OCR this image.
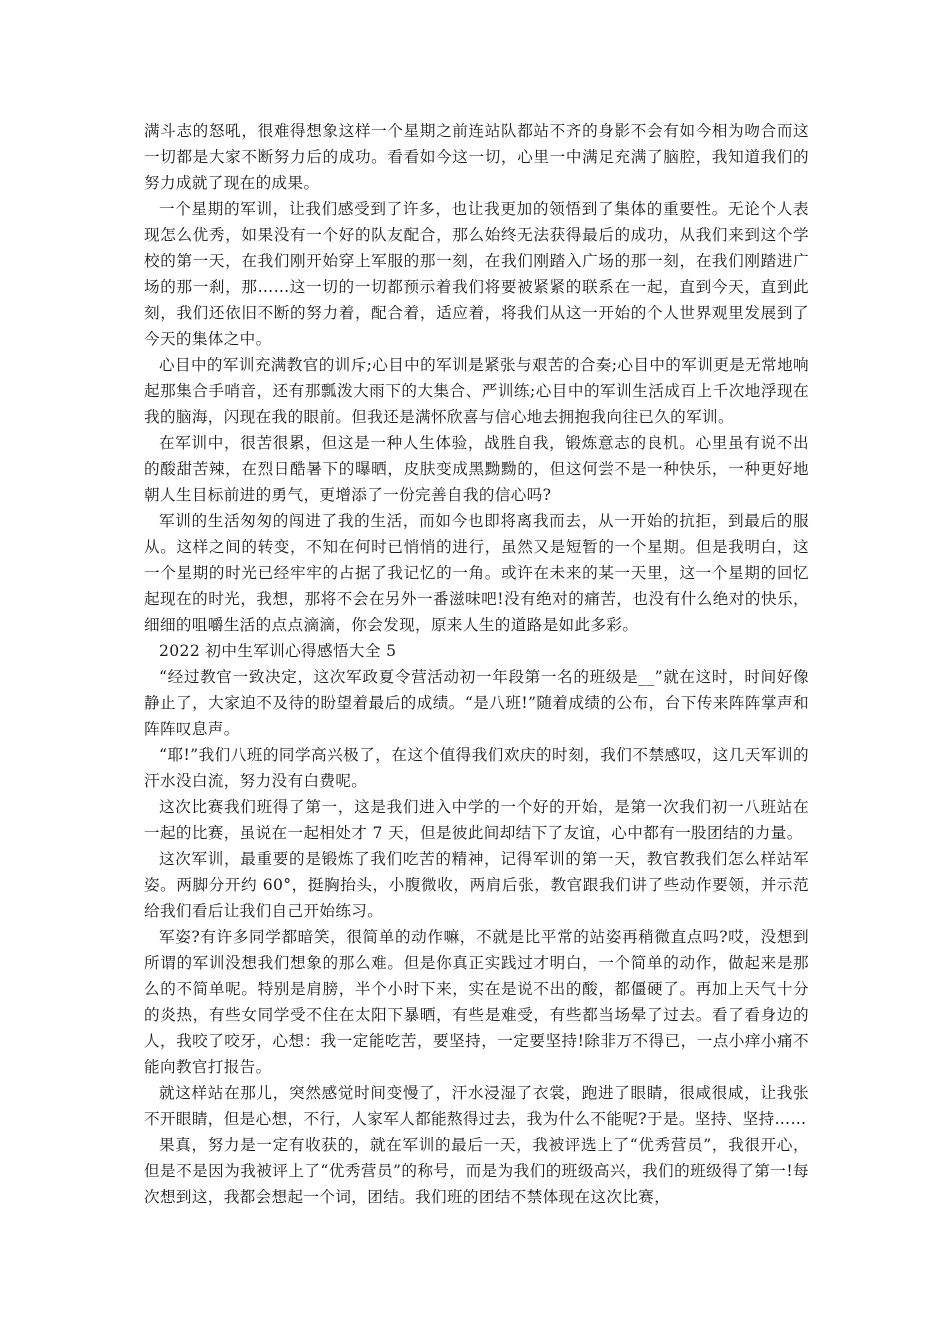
满斗志的怒吼，很难得想象这样一个星期之前连站队都站不齐的身影不会有如今相为吻合而这一切都是大家不断努力后的成功。看看如今这一切，心里一中满足充满了脑腔，我知道我们的努力成就了现在的成果。

一个星期的军训，让我们感受到了许多，也让我更加的领悟到了集体的重要性。无论个人表现怎么优秀，如果没有一个好的队友配合，那么始终无法获得最后的成功，从我们来到这个学校的第一天，在我们刚开始穿上军服的那一刻，在我们刚踏入广场的那一刻，在我们刚踏进广场的那一刹，那……这一切的一切都预示着我们将要被紧紧的联系在一起，直到今天，直到此刻，我们还依旧不断的努力着，配合着，适应着，将我们从这一开始的个人世界观里发展到了今天的集体之中。

心目中的军训充满教官的训斥;心目中的军训是紧张与艰苦的合奏;心目中的军训更是无常地响起那集合手哨音，还有那瓢泼大雨下的大集合、严训练;心目中的军训生活成百上千次地浮现在我的脑海，闪现在我的眼前。但我还是满怀欣喜与信心地去拥抱我向往已久的军训。

在军训中，很苦很累，但这是一种人生体验，战胜自我，锻炼意志的良机。心里虽有说不出的酸甜苦辣，在烈日酷暑下的曝晒，皮肤变成黑黝黝的，但这何尝不是一种快乐，一种更好地朝人生目标前进的勇气，更增添了一份完善自我的信心吗?

军训的生活匆匆的闯进了我的生活，而如今也即将离我而去，从一开始的抗拒，到最后的服从。这样之间的转变，不知在何时已悄悄的进行，虽然又是短暂的一个星期。但是我明白，这一个星期的时光已经牢牢的占据了我记忆的一角。或许在未来的某一天里，这一个星期的回忆起现在的时光，我想，那将不会在另外一番滋味吧!没有绝对的痛苦，也没有什么绝对的快乐，细细的咀嚼生活的点点滴滴，你会发现，原来人生的道路是如此多彩。

2022 初中生军训心得感悟大全 5

“经过教官一致决定，这次军政夏令营活动初一年段第一名的班级是__”就在这时，时间好像静止了，大家迫不及待的盼望着最后的成绩。“是八班!”随着成绩的公布，台下传来阵阵掌声和阵阵叹息声。

“耶!”我们八班的同学高兴极了，在这个值得我们欢庆的时刻，我们不禁感叹，这几天军训的汗水没白流，努力没有白费呢。

这次比赛我们班得了第一，这是我们进入中学的一个好的开始，是第一次我们初一八班站在一起的比赛，虽说在一起相处才 7 天，但是彼此间却结下了友谊，心中都有一股团结的力量。

这次军训，最重要的是锻炼了我们吃苦的精神，记得军训的第一天，教官教我们怎么样站军姿。两脚分开约 60°，挺胸抬头，小腹微收，两肩后张，教官跟我们讲了些动作要领，并示范给我们看后让我们自己开始练习。

军姿?有许多同学都暗笑，很简单的动作嘛，不就是比平常的站姿再稍微直点吗?哎，没想到所谓的军训没想我们想象的那么难。但是你真正实践过才明白，一个简单的动作，做起来是那么的不简单呢。特别是肩膀，半个小时下来，实在是说不出的酸，都僵硬了。再加上天气十分的炎热，有些女同学受不住在太阳下暴晒，有些是难受，有些都当场晕了过去。看了看身边的人，我咬了咬牙，心想：我一定能吃苦，要坚持，一定要坚持!除非万不得已，一点小痒小痛不能向教官打报告。

就这样站在那儿，突然感觉时间变慢了，汗水浸湿了衣裳，跑进了眼睛，很咸很咸，让我张不开眼睛，但是心想，不行，人家军人都能熬得过去，我为什么不能呢?于是。坚持、坚持……

果真，努力是一定有收获的，就在军训的最后一天，我被评选上了“优秀营员”，我很开心，但是不是因为我被评上了“优秀营员”的称号，而是为我们的班级高兴，我们的班级得了第一!每次想到这，我都会想起一个词，团结。我们班的团结不禁体现在这次比赛，
